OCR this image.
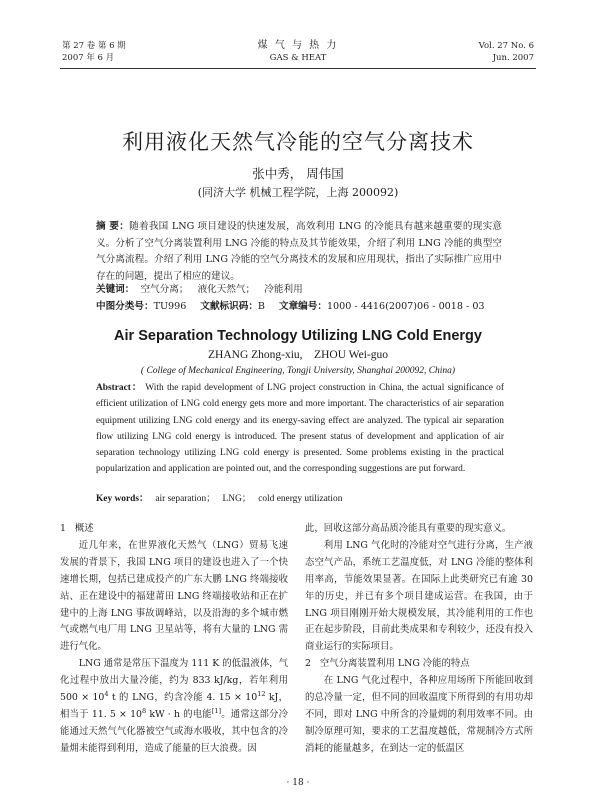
第 27 卷 第 6 期
2007 年 6 月
煤 气 与 热 力
GAS & HEAT
Vol. 27 No. 6
Jun. 2007
利用液化天然气冷能的空气分离技术
张中秀， 周伟国
(同济大学 机械工程学院，上海 200092)
摘 要：随着我国 LNG 项目建设的快速发展，高效利用 LNG 的冷能具有越来越重要的现实意义。分析了空气分离装置利用 LNG 冷能的特点及其节能效果，介绍了利用 LNG 冷能的典型空气分离流程。介绍了利用 LNG 冷能的空气分离技术的发展和应用现状，指出了实际推广应用中存在的问题，提出了相应的建议。
关键词：  空气分离；   液化天然气；   冷能利用
中图分类号：TU996 文献标识码：B 文章编号：1000 - 4416(2007)06 - 0018 - 03
Air Separation Technology Utilizing LNG Cold Energy
ZHANG Zhong-xiu,    ZHOU Wei-guo
( College of Mechanical Engineering, Tongji University, Shanghai 200092, China)
Abstract： With the rapid development of LNG project construction in China, the actual significance of efficient utilization of LNG cold energy gets more and more important. The characteristics of air separation equipment utilizing LNG cold energy and its energy-saving effect are analyzed. The typical air separation flow utilizing LNG cold energy is introduced. The present status of development and application of air separation technology utilizing LNG cold energy is presented. Some problems existing in the practical popularization and application are pointed out, and the corresponding suggestions are put forward.
Key words：   air separation；   LNG；   cold energy utilization
1   概述

近几年来，在世界液化天然气（LNG）贸易飞速发展的背景下，我国 LNG 项目的建设也进入了一个快速增长期，包括已建成投产的广东大鹏 LNG 终端接收站、正在建设中的福建莆田 LNG 终端接收站和正在扩建中的上海 LNG 事故调峰站，以及沿海的多个城市燃气或燃气电厂用 LNG 卫星站等，将有大量的 LNG 需进行气化。

LNG 通常是常压下温度为 111 K 的低温液体，气化过程中放出大量冷能，约为 833 kJ/kg，若年利用 $500 \times 10^4$ t 的 LNG，约含冷能 4. $15 \times 10^{12}$ kJ，相当于 11. $5 \times 10^8$ kW · h 的电能[1]。通常这部分冷能通过天然气气化器被空气或海水吸收，其中包含的冷量㶲未能得到利用，造成了能量的巨大浪费。因

此，回收这部分高品质冷能具有重要的现实意义。

利用 LNG 气化时的冷能对空气进行分离，生产液态空气产品，系统工艺温度低，对 LNG 冷能的整体利用率高，节能效果显著。在国际上此类研究已有逾 30 年的历史，并已有多个项目建成运营。在我国，由于 LNG 项目刚刚开始大规模发展，其冷能利用的工作也正在起步阶段，目前此类成果和专利较少，还没有投入商业运行的实际项目。

2   空气分离装置利用 LNG 冷能的特点

在 LNG 气化过程中，各种应用场所下所能回收到的总冷量一定，但不同的回收温度下所得到的有用功却不同，即对 LNG 中所含的冷量㶲的利用效率不同。由制冷原理可知，要求的工艺温度越低，常规制冷方式所消耗的能量越多，在到达一定的低温区

· 18 ·
